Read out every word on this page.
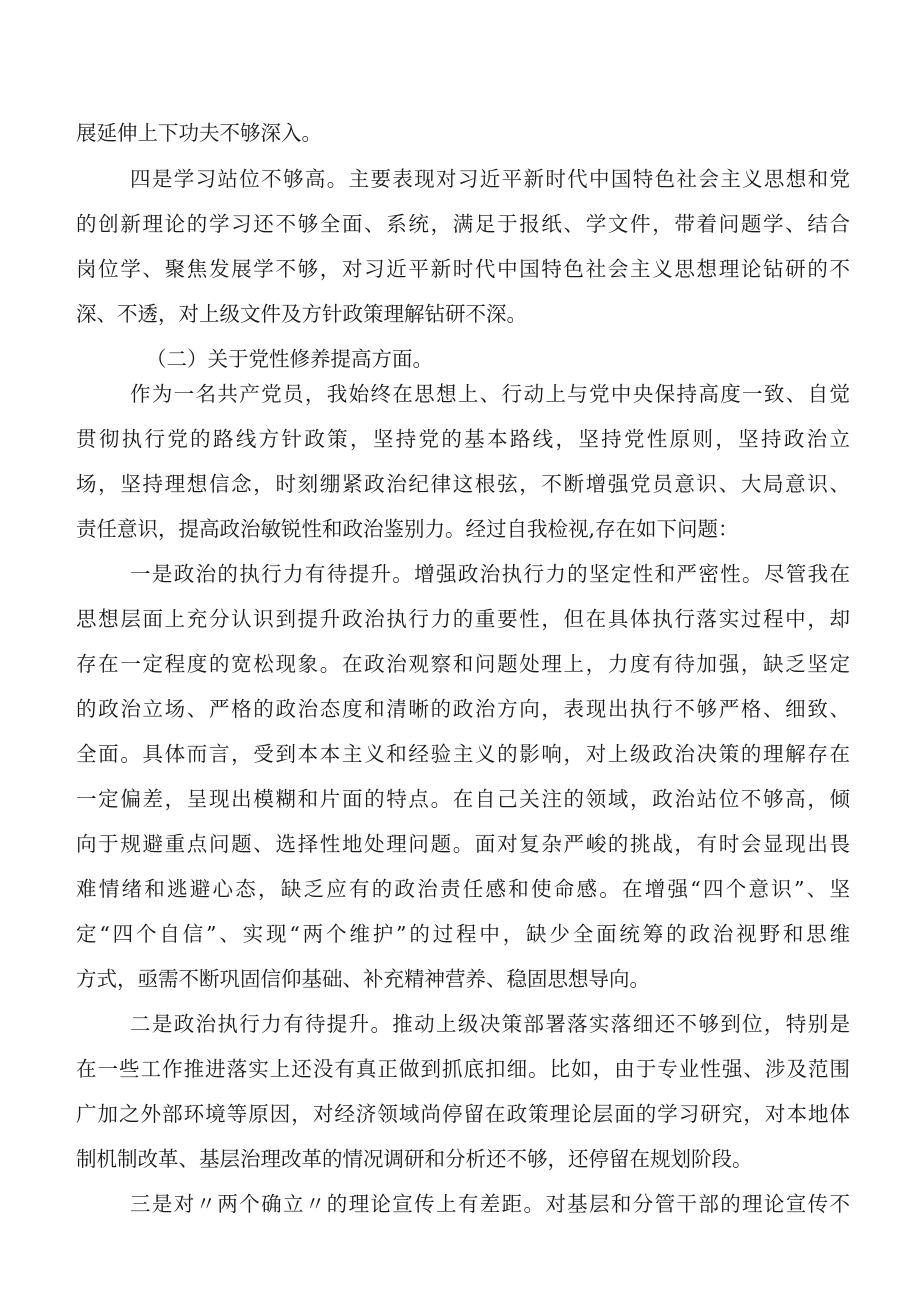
展延伸上下功夫不够深入。
四是学习站位不够高。主要表现对习近平新时代中国特色社会主义思想和党
的创新理论的学习还不够全面、系统，满足于报纸、学文件，带着问题学、结合
岗位学、聚焦发展学不够，对习近平新时代中国特色社会主义思想理论钻研的不
深、不透，对上级文件及方针政策理解钻研不深。
（二）关于党性修养提高方面。
作为一名共产党员，我始终在思想上、行动上与党中央保持高度一致、自觉
贯彻执行党的路线方针政策，坚持党的基本路线，坚持党性原则，坚持政治立
场，坚持理想信念，时刻绷紧政治纪律这根弦，不断增强党员意识、大局意识、
责任意识，提高政治敏锐性和政治鉴别力。经过自我检视,存在如下问题：
一是政治的执行力有待提升。增强政治执行力的坚定性和严密性。尽管我在
思想层面上充分认识到提升政治执行力的重要性，但在具体执行落实过程中，却
存在一定程度的宽松现象。在政治观察和问题处理上，力度有待加强，缺乏坚定
的政治立场、严格的政治态度和清晰的政治方向，表现出执行不够严格、细致、
全面。具体而言，受到本本主义和经验主义的影响，对上级政治决策的理解存在
一定偏差，呈现出模糊和片面的特点。在自己关注的领域，政治站位不够高，倾
向于规避重点问题、选择性地处理问题。面对复杂严峻的挑战，有时会显现出畏
难情绪和逃避心态，缺乏应有的政治责任感和使命感。在增强“四个意识”、坚
定“四个自信”、实现“两个维护”的过程中，缺少全面统筹的政治视野和思维
方式，亟需不断巩固信仰基础、补充精神营养、稳固思想导向。
二是政治执行力有待提升。推动上级决策部署落实落细还不够到位，特别是
在一些工作推进落实上还没有真正做到抓底扣细。比如，由于专业性强、涉及范围
广加之外部环境等原因，对经济领域尚停留在政策理论层面的学习研究，对本地体
制机制改革、基层治理改革的情况调研和分析还不够，还停留在规划阶段。
三是对〃两个确立〃的理论宣传上有差距。对基层和分管干部的理论宣传不
